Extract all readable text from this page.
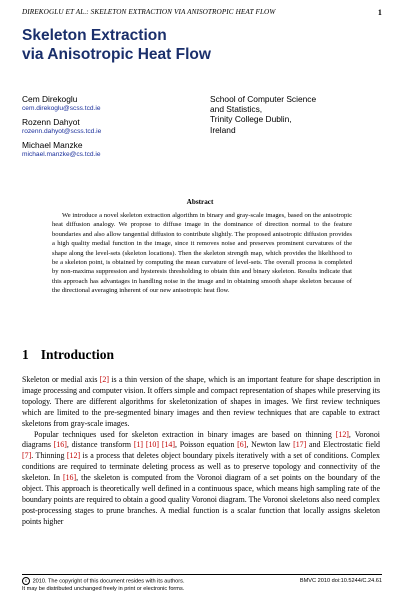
DIREKOGLU ET AL.: SKELETON EXTRACTION VIA ANISOTROPIC HEAT FLOW	1
Skeleton Extraction
via Anisotropic Heat Flow
Cem Direkoglu
cem.direkoglu@scss.tcd.ie
Rozenn Dahyot
rozenn.dahyot@scss.tcd.ie
Michael Manzke
michael.manzke@cs.tcd.ie
School of Computer Science
and Statistics,
Trinity College Dublin,
Ireland
Abstract
We introduce a novel skeleton extraction algorithm in binary and gray-scale images, based on the anisotropic heat diffusion analogy. We propose to diffuse image in the dominance of direction normal to the feature boundaries and also allow tangential diffusion to contribute slightly. The proposed anisotropic diffusion provides a high quality medial function in the image, since it removes noise and preserves prominent curvatures of the shape along the level-sets (skeleton locations). Then the skeleton strength map, which provides the likelihood to be a skeleton point, is obtained by computing the mean curvature of level-sets. The overall process is completed by non-maxima suppression and hysteresis thresholding to obtain thin and binary skeleton. Results indicate that this approach has advantages in handling noise in the image and in obtaining smooth shape skeleton because of the directional averaging inherent of our new anisotropic heat flow.
1 Introduction

Skeleton or medial axis [2] is a thin version of the shape, which is an important feature for shape description in image processing and computer vision. It offers simple and compact representation of shapes while preserving its topology. There are different algorithms for skeletonization of shapes in images. We first review techniques which are limited to the pre-segmented binary images and then review techniques that are capable to extract skeletons from gray-scale images.

Popular techniques used for skeleton extraction in binary images are based on thinning [12], Voronoi diagrams [16], distance transform [1] [10] [14], Poisson equation [6], Newton law [17] and Electrostatic field [7]. Thinning [12] is a process that deletes object boundary pixels iteratively with a set of conditions. Complex conditions are required to terminate deleting process as well as to preserve topology and connectivity of the skeleton. In [16], the skeleton is computed from the Voronoi diagram of a set points on the boundary of the object. This approach is theoretically well defined in a continuous space, which means high sampling rate of the boundary points are required to obtain a good quality Voronoi diagram. The Voronoi skeletons also need complex post-processing stages to prune branches. A medial function is a scalar function that locally assigns skeleton points higher

c 2010. The copyright of this document resides with its authors.
It may be distributed unchanged freely in print or electronic forms.
BMVC 2010 doi:10.5244/C.24.61
